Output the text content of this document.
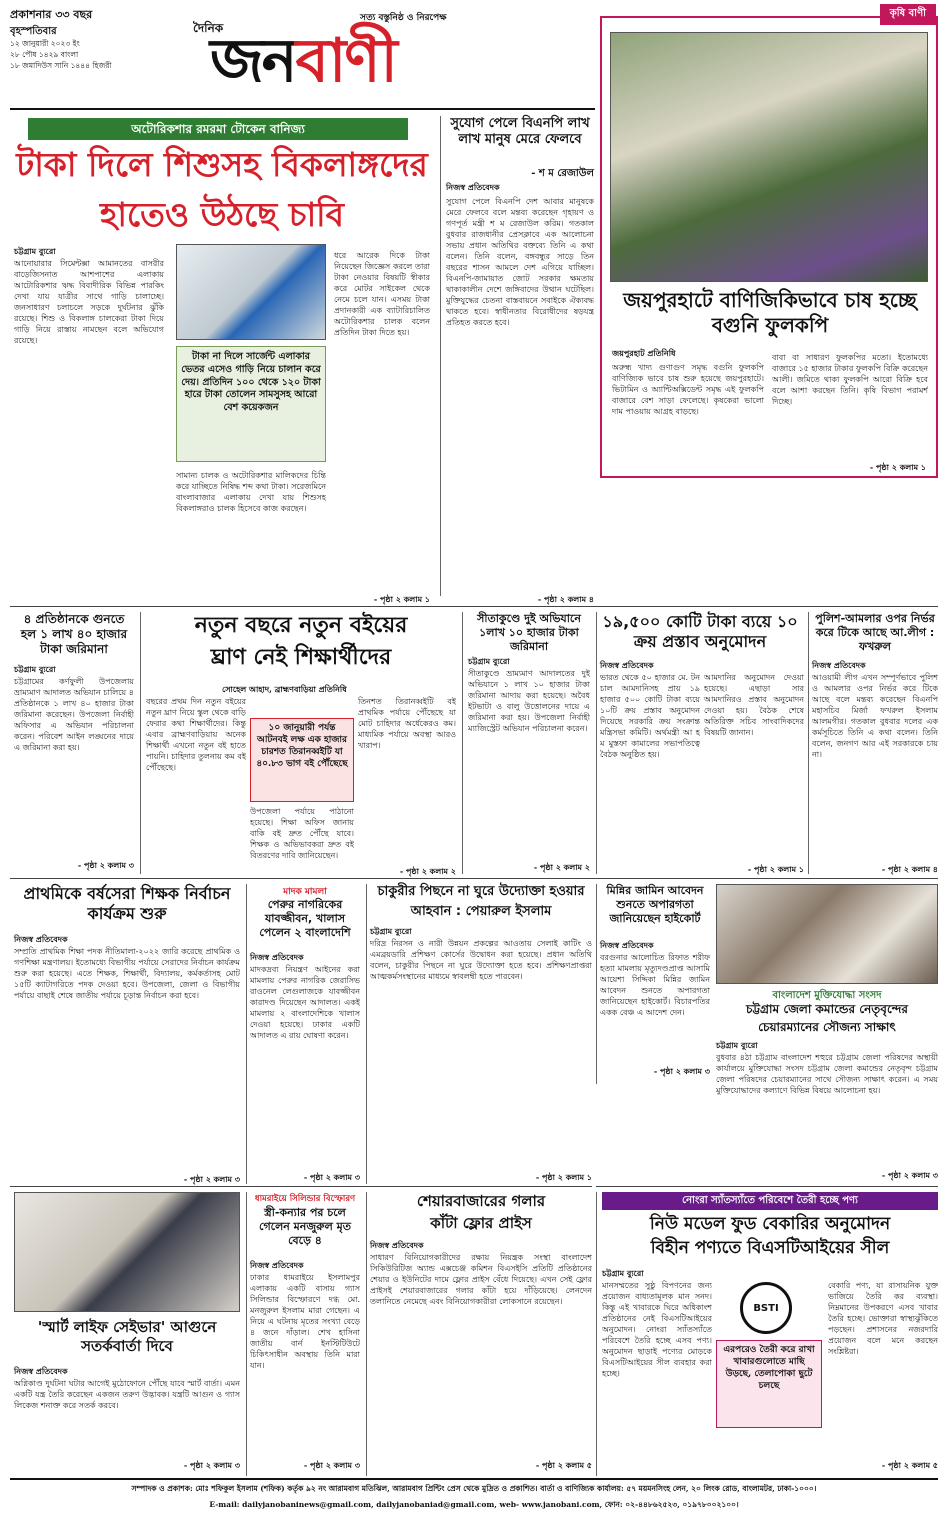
প্রকাশনার ৩৩ বছর
বৃহস্পতিবার
১২ জানুয়ারী ২০২৩ ইং
২৮ পৌষ ১৪২৯ বাংলা
১৮ জমাদিউস সানি ১৪৪৪ হিজরী
দৈনিক
সত্য বস্তুনিষ্ঠ ও নিরপেক্ষ
জনবাণী
কৃষি বাণী
জয়পুরহাটে বাণিজিকিভাবে চাষ হচ্ছে বগুনি ফুলকপি
জয়পুরহাট প্রতিনিধি
অরুন্ধ খাদ্য গুণাগুণ সমৃদ্ধ বগুনি ফুলকপি বাণিজ্যিক ভাবে চাষ শুরু হয়েছে জয়পুরহাটে। ভিটামিন ও অ্যান্টিঅক্সিডেন্ট সমৃদ্ধ এই ফুলকপি বাজারে বেশ সাড়া ফেলেছে। কৃষকেরা ভালো দাম পাওয়ায় আগ্রহ বাড়ছে।
বাবা বা সাধারণ ফুলকপির মতো। ইতোমধ্যে বাজারে ১৫ হাজার টাকার ফুলকপি বিক্রি করেছেন আলী। জমিতে থাকা ফুলকপি আরো বিক্রি হবে বলে আশা করছেন তিনি। কৃষি বিভাগ পরামর্শ দিচ্ছে।
- পৃষ্ঠা ২ কলাম ১
অটোরিকশার রমরমা টোকেন বানিজ্য
টাকা দিলে শিশুসহ বিকলাঙ্গদের
হাতেও উঠছে চাবি
চট্টগ্রাম ব্যুরো
আনোয়ারার সিমেন্টক্সা আমানতের বাসরীর বাড়েজিসনাত আশপাশের এলাকায় আটোরিকশার ঋদ্ধ বিবাদীরিক বিভিন্ন পারকিং দেখা যায় যাত্রীর সাথে গাড়ি চালাচ্ছে। জনসাধারণ চলাচলে সড়কে দুর্ঘটনার ঝুঁকি রয়েছে। শিশু ও বিকলাঙ্গ চালকেরা টাকা দিয়ে গাড়ি নিয়ে রাস্তায় নামছেন বলে অভিযোগ রয়েছে।
টাকা না দিলে সার্জেন্ট এলাকার ভেতর এসেও গাড়ি নিয়ে চালান করে দেয়। প্রতিদিন ১০০ থেকে ১২০ টাকা হারে টাকা তোলেন সামসুসহ আরো বেশ কয়েকজন
সামান্য চালক ও অটোরিকশার মালিকদের চিন্তি করে যাচ্ছিতে নিষিদ্ধ শব্দ কথা টাকা। সরেজমিনে বাংলাবাজার এলাকায় দেখা যায় শিশুসহ বিকলাঙ্গরাও চালক হিসেবে কাজ করছেন।
ধরে আরেক দিকে টাকা নিয়েছেন জিজ্ঞেস করলে তারা টাকা নেওয়ার বিষয়টি স্বীকার করে মোটর সাইকেল থেকে নেমে চলে যান। এসময় টাকা প্রদানকারী এক ব্যাটারিচালিত অটোরিকশার চালক বলেন প্রতিদিন টাকা দিতে হয়।
- পৃষ্ঠা ২ কলাম ১
সুযোগ পেলে বিএনপি লাখ লাখ মানুষ মেরে ফেলবে
- শ ম রেজাউল
নিজস্ব প্রতিবেদক
সুযোগ পেলে বিএনপি দেশ আবার মানুষকে মেরে ফেলবে বলে মন্তব্য করেছেন গৃহায়ণ ও গণপূর্ত মন্ত্রী শ ম রেজাউল করিম। গতকাল বুধবার রাজধানীর প্রেসক্লাবে এক আলোচনা সভায় প্রধান অতিথির বক্তব্যে তিনি এ কথা বলেন। তিনি বলেন, বঙ্গবন্ধুর সাড়ে তিন বছরের শাসন আমলে দেশ এগিয়ে যাচ্ছিল। বিএনপি-জামায়াত জোট সরকার ক্ষমতায় থাকাকালীন দেশে জঙ্গিবাদের উত্থান ঘটেছিল। মুক্তিযুদ্ধের চেতনা বাস্তবায়নে সবাইকে ঐক্যবদ্ধ থাকতে হবে। স্বাধীনতার বিরোধীদের ষড়যন্ত্র প্রতিহত করতে হবে।
- পৃষ্ঠা ২ কলাম ৪
৪ প্রতিষ্ঠানকে গুনতে হল ১ লাখ ৪০ হাজার টাকা জরিমানা
চট্টগ্রাম ব্যুরো
চট্টগ্রামের কর্ণফুলী উপজেলায় ভ্রাম্যমাণ আদালত অভিযান চালিয়ে ৪ প্রতিষ্ঠানকে ১ লাখ ৪০ হাজার টাকা জরিমানা করেছেন। উপজেলা নির্বাহী অফিসার এ অভিযান পরিচালনা করেন। পরিবেশ আইন লঙ্ঘনের দায়ে এ জরিমানা করা হয়।
- পৃষ্ঠা ২ কলাম ৩
নতুন বছরে নতুন বইয়ের
ঘ্রাণ নেই শিক্ষার্থীদের
সোহেল আহাদ, ব্রাহ্মণবাড়িয়া প্রতিনিধি
বছরের প্রথম দিন নতুন বইয়ের নতুন ঘ্রাণ নিয়ে স্কুল থেকে বাড়ি ফেরার কথা শিক্ষার্থীদের। কিন্তু এবার ব্রাহ্মণবাড়িয়ায় অনেক শিক্ষার্থী এখনো নতুন বই হাতে পায়নি। চাহিদার তুলনায় কম বই পৌঁছেছে।
১০ জানুয়ারী পর্যন্ত আটনবই লক্ষ এক হাজার চারশত তিরানব্বইটি যা ৪০.৮৩ ভাগ বই পৌঁছেছে
উপজেলা পর্যায়ে পাঠানো হয়েছে। শিক্ষা অফিস জানায় বাকি বই দ্রুত পৌঁছে যাবে। শিক্ষক ও অভিভাবকরা দ্রুত বই বিতরণের দাবি জানিয়েছেন।
তিনশত তিরানব্বইটি বই প্রাথমিক পর্যায়ে পৌঁছেছে যা মোট চাহিদার অর্ধেকেরও কম। মাধ্যমিক পর্যায়ে অবস্থা আরও খারাপ।
- পৃষ্ঠা ২ কলাম ২
সীতাকুণ্ডে দুই অভিযানে ১লাখ ১০ হাজার টাকা জরিমানা
চট্টগ্রাম ব্যুরো
সীতাকুণ্ডে ভ্রাম্যমাণ আদালতের দুই অভিযানে ১ লাখ ১০ হাজার টাকা জরিমানা আদায় করা হয়েছে। অবৈধ ইটভাটা ও বালু উত্তোলনের দায়ে এ জরিমানা করা হয়। উপজেলা নির্বাহী ম্যাজিস্ট্রেট অভিযান পরিচালনা করেন।
- পৃষ্ঠা ২ কলাম ২
১৯,৫০০ কোটি টাকা ব্যয়ে ১০ ক্রয় প্রস্তাব অনুমোদন
নিজস্ব প্রতিবেদক
ভারত থেকে ৫০ হাজার মে. টন চাল আমদানিসহ প্রায় ১৯ হাজার ৫০০ কোটি টাকা ব্যয়ে ১০টি ক্রয় প্রস্তাব অনুমোদন দিয়েছে সরকারি ক্রয় সংক্রান্ত মন্ত্রিসভা কমিটি। অর্থমন্ত্রী আ হ ম মুস্তফা কামালের সভাপতিত্বে বৈঠক অনুষ্ঠিত হয়।
আমদানির অনুমোদন দেওয়া হয়েছে। এছাড়া সার আমদানিরও প্রস্তাব অনুমোদন দেওয়া হয়। বৈঠক শেষে অতিরিক্ত সচিব সাংবাদিকদের বিষয়টি জানান।
- পৃষ্ঠা ২ কলাম ১
পুলিশ-আমলার ওপর নির্ভর করে টিকে আছে আ.লীগ : ফখরুল
নিজস্ব প্রতিবেদক
আওয়ামী লীগ এখন সম্পূর্ণভাবে পুলিশ ও আমলার ওপর নির্ভর করে টিকে আছে বলে মন্তব্য করেছেন বিএনপি মহাসচিব মির্জা ফখরুল ইসলাম আলমগীর। গতকাল বুধবার দলের এক কর্মসূচিতে তিনি এ কথা বলেন। তিনি বলেন, জনগণ আর এই সরকারকে চায় না।
- পৃষ্ঠা ২ কলাম ৪
প্রাথমিকে বর্ষসেরা শিক্ষক নির্বাচন কার্যক্রম শুরু
নিজস্ব প্রতিবেদক
সম্প্রতি প্রাথমিক শিক্ষা পদক নীতিমালা-২০২২ জারি করেছে প্রাথমিক ও গণশিক্ষা মন্ত্রণালয়। ইতোমধ্যে বিভাগীয় পর্যায়ে সেরাদের নির্বাচন কার্যক্রম শুরু করা হয়েছে। এতে শিক্ষক, শিক্ষার্থী, বিদ্যালয়, কর্মকর্তাসহ মোট ১৫টি ক্যাটাগরিতে পদক দেওয়া হবে। উপজেলা, জেলা ও বিভাগীয় পর্যায়ে বাছাই শেষে জাতীয় পর্যায়ে চূড়ান্ত নির্বাচন করা হবে।
- পৃষ্ঠা ২ কলাম ৩
মাদক মামলা
পেরুর নাগরিকের যাবজ্জীবন, খালাস পেলেন ২ বাংলাদেশি
নিজস্ব প্রতিবেদক
মাদকদ্রব্য নিয়ন্ত্রণ আইনের করা মামলায় পেরুর নাগরিক জেরাসিভ রাওনেল লেগুলাজকে যাবজ্জীবন কারাদণ্ড দিয়েছেন আদালত। একই মামলায় ২ বাংলাদেশিকে খালাস দেওয়া হয়েছে। ঢাকার একটি আদালত এ রায় ঘোষণা করেন।
- পৃষ্ঠা ২ কলাম ৩
চাকুরীর পিছনে না ঘুরে উদ্যোক্তা হওয়ার
আহবান : পেয়ারুল ইসলাম
চট্টগ্রাম ব্যুরো
দরিদ্র নিরসন ও নারী উন্নয়ন প্রকল্পের আওতায় সেলাই কাটিং ও এমব্রয়ডারি প্রশিক্ষণ কোর্সের উদ্বোধন করা হয়েছে। প্রধান অতিথি বলেন, চাকুরীর পিছনে না ঘুরে উদ্যোক্তা হতে হবে। প্রশিক্ষণপ্রাপ্তরা আত্মকর্মসংস্থানের মাধ্যমে স্বাবলম্বী হতে পারবেন।
- পৃষ্ঠা ২ কলাম ১
মিন্নির জামিন আবেদন শুনতে অপারগতা জানিয়েছেন হাইকোর্ট
নিজস্ব প্রতিবেদক
বরগুনার আলোচিত রিফাত শরীফ হত্যা মামলায় মৃত্যুদণ্ডপ্রাপ্ত আসামি আয়েশা সিদ্দিকা মিন্নির জামিন আবেদন শুনতে অপারগতা জানিয়েছেন হাইকোর্ট। বিচারপতির একক বেঞ্চ এ আদেশ দেন।
বাংলাদেশ মুক্তিযোদ্ধা সংসদ
চট্টগ্রাম জেলা কমান্ডের নেতৃবৃন্দের
চেয়ারম্যানের সৌজন্য সাক্ষাৎ
চট্টগ্রাম ব্যুরো
বুধবার ৪ঠা চট্টগ্রাম বাংলাদেশ শহুরে চট্টগ্রাম জেলা পরিষদের অস্থায়ী কার্যালয়ে মুক্তিযোদ্ধা সংসদ চট্টগ্রাম জেলা কমান্ডের নেতৃবৃন্দ চট্টগ্রাম জেলা পরিষদের চেয়ারম্যানের সাথে সৌজন্য সাক্ষাৎ করেন। এ সময় মুক্তিযোদ্ধাদের কল্যাণে বিভিন্ন বিষয়ে আলোচনা হয়।
- পৃষ্ঠা ২ কলাম ৩
- পৃষ্ঠা ২ কলাম ৩
'স্মার্ট লাইফ সেইভার' আগুনে সতর্কবার্তা দিবে
নিজস্ব প্রতিবেদক
অগ্নিকাণ্ড দুর্ঘটনা ঘটার আগেই মুঠোফোনে পৌঁছে যাবে স্মার্ট বার্তা। এমন একটি যন্ত্র তৈরি করেছেন একজন তরুণ উদ্ভাবক। যন্ত্রটি আগুন ও গ্যাস লিকেজ শনাক্ত করে সতর্ক করবে।
- পৃষ্ঠা ২ কলাম ৩
ধামরাইয়ে সিলিন্ডার বিস্ফোরণ
স্ত্রী-কন্যার পর চলে গেলেন মনজুরুল মৃত বেড়ে ৪
নিজস্ব প্রতিবেদক
ঢাকার ধামরাইয়ে ইসলামপুর এলাকায় একটি বাসায় গ্যাস সিলিন্ডার বিস্ফোরণে দগ্ধ মো. মনজুরুল ইসলাম মারা গেছেন। এ নিয়ে এ ঘটনায় মৃতের সংখ্যা বেড়ে ৪ জনে দাঁড়াল। শেখ হাসিনা জাতীয় বার্ন ইনস্টিটিউটে চিকিৎসাধীন অবস্থায় তিনি মারা যান।
- পৃষ্ঠা ২ কলাম ৩
শেয়ারবাজারের গলার
কাঁটা ফ্লোর প্রাইস
নিজস্ব প্রতিবেদক
সাধারণ বিনিয়োগকারীদের রক্ষায় নিয়ন্ত্রক সংস্থা বাংলাদেশ সিকিউরিটিজ অ্যান্ড এক্সচেঞ্জ কমিশন বিএসইসি প্রতিটি প্রতিষ্ঠানের শেয়ার ও ইউনিটের দামে ফ্লোর প্রাইস বেঁধে দিয়েছে। এখন সেই ফ্লোর প্রাইসই শেয়ারবাজারের গলার কাঁটা হয়ে দাঁড়িয়েছে। লেনদেন তলানিতে নেমেছে এবং বিনিয়োগকারীরা লোকসানে রয়েছেন।
- পৃষ্ঠা ২ কলাম ৫
নোংরা স্যাঁতস্যাঁতে পরিবেশে তৈরী হচ্ছে পণ্য
নিউ মডেল ফুড বেকারির অনুমোদন
বিহীন পণ্যতে বিএসটিআইয়ের সীল
চট্টগ্রাম ব্যুরো
মানসম্মতের সুষ্ঠু বিপণনের জন্য প্রয়োজন বাধ্যতামূলক মান সনদ। কিন্তু এই খাবারকে ঘিরে অধিকাংশ প্রতিষ্ঠানের নেই বিএসটিআইয়ের অনুমোদন। নোংরা স্যাঁতস্যাঁতে পরিবেশে তৈরি হচ্ছে এসব পণ্য। অনুমোদন ছাড়াই পণ্যের মোড়কে বিএসটিআইয়ের সীল ব্যবহার করা হচ্ছে।
BSTI
এরপরেও তৈরী করে রাখা খাবারগুলোতে মাছি উড়ছে, তেলাপোকা ছুটে চলছে
বেকারি পণ্য, যা রাসায়নিক যুক্ত ভাজিয়ে তৈরি কর ব্যবস্থা। নিম্নমানের উপকরণে এসব খাবার তৈরি হচ্ছে। ভোক্তারা স্বাস্থ্যঝুঁকিতে পড়ছেন। প্রশাসনের নজরদারি প্রয়োজন বলে মনে করছেন সংশ্লিষ্টরা।
- পৃষ্ঠা ২ কলাম ৫
সম্পাদক ও প্রকাশক: মোঃ শফিকুল ইসলাম (শফিক) কর্তৃক ৯২ নং আরামবাগ মতিঝিল, আরামবাগ প্রিন্টিং প্রেস থেকে মুদ্রিত ও প্রকাশিত। বার্তা ও বাণিজ্যিক কার্যালয়: ৫৭ ময়মনসিংহ লেন, ২০ লিংক রোড, বাংলামটর, ঢাকা-১০০০।
E-mail: dailyjanobaninews@gmail.com, dailyjanobaniad@gmail.com, web- www.janobani.com, ফোন: ০২-৪৪৮৬২৫২৩, ০১৯৭৮০০২১০০।
